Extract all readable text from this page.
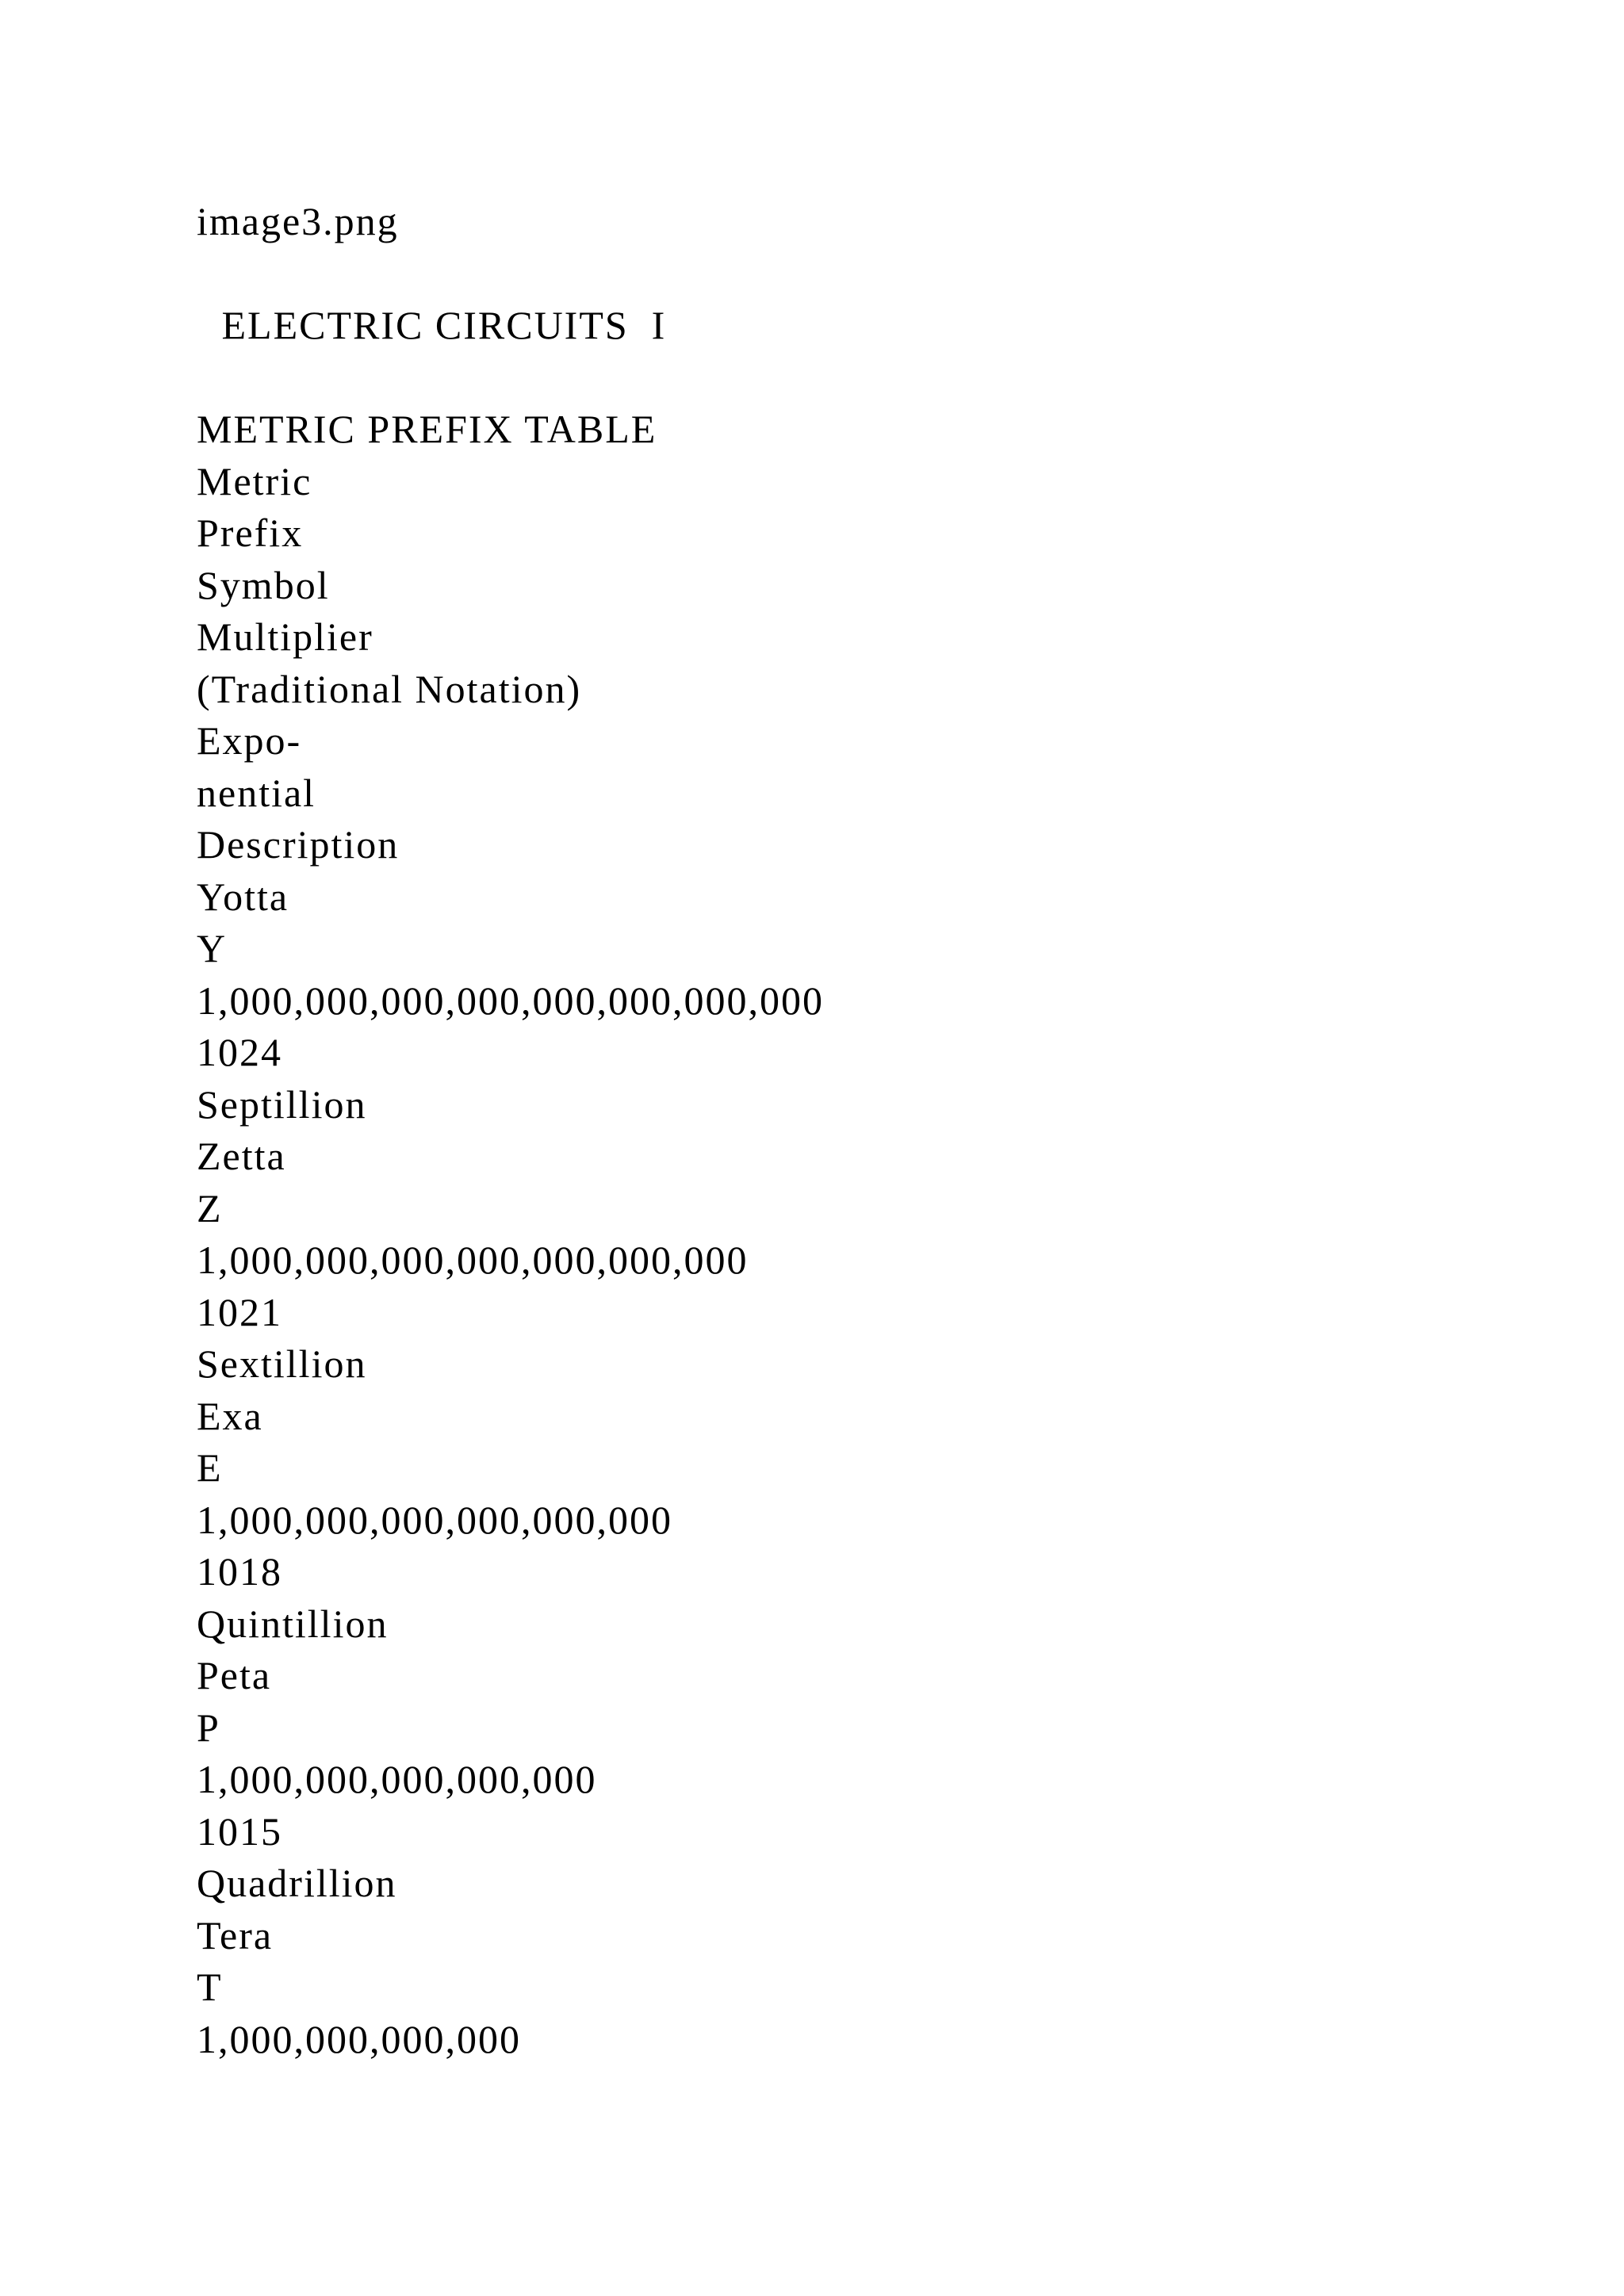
image3.png
ELECTRIC CIRCUITS  I
METRIC PREFIX TABLE
Metric
Prefix
Symbol
Multiplier
(Traditional Notation)
Expo-
nential
Description
Yotta
Y
1,000,000,000,000,000,000,000,000
1024
Septillion
Zetta
Z
1,000,000,000,000,000,000,000
1021
Sextillion
Exa
E
1,000,000,000,000,000,000
1018
Quintillion
Peta
P
1,000,000,000,000,000
1015
Quadrillion
Tera
T
1,000,000,000,000
